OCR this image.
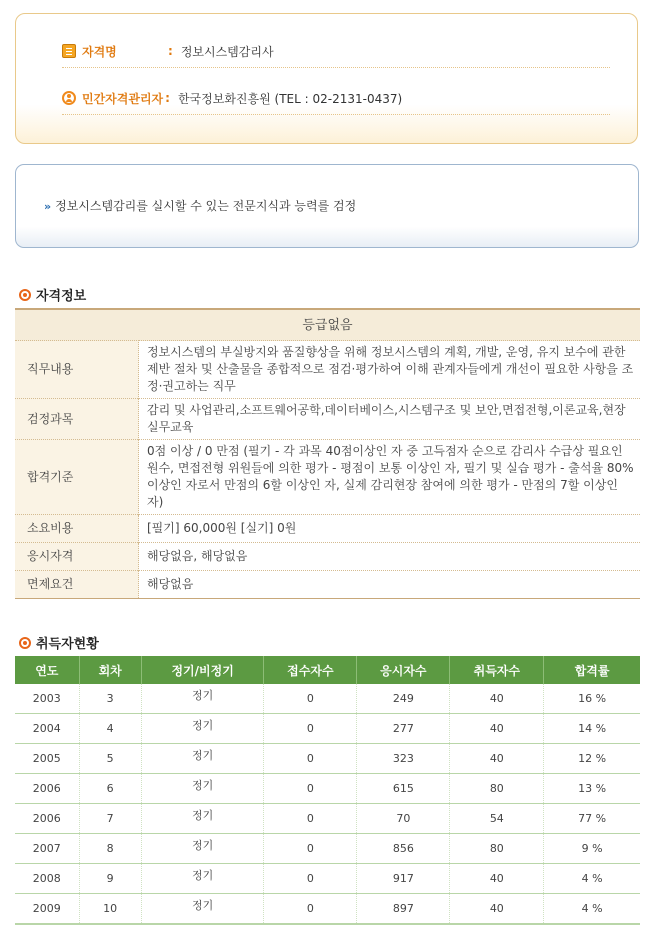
자격명	: 정보시스템감리사
민간자격관리자 : 한국정보화진흥원 (TEL : 02-2131-0437)
» 정보시스템감리를 실시할 수 있는 전문지식과 능력를 검정
자격정보
등급없음	
직무내용	정보시스템의 부실방지와 품질향상을 위해 정보시스템의 계획, 개발, 운영, 유지 보수에 관한 제반 절차 및 산출물을 종합적으로 점검·평가하여 이해 관계자들에게 개선이 필요한 사항을 조정·권고하는 직무
검정과목	감리 및 사업관리,소프트웨어공학,데이터베이스,시스템구조 및 보안,면접전형,이론교육,현장실무교육
합격기준	0점 이상 / 0 만점 (필기 - 각 과목 40점이상인 자 중 고득점자 순으로 감리사 수급상 필요인원수, 면접전형 위원들에 의한 평가 - 평점이 보통 이상인 자, 필기 및 실습 평가 - 출석율 80% 이상인 자로서 만점의 6할 이상인 자, 실제 감리현장 참여에 의한 평가 - 만점의 7할 이상인 자)
소요비용	[필기] 60,000원 [실기] 0원
응시자격	해당없음, 해당없음
면제요건	해당없음
취득자현황
연도	회차	정기/비정기	접수자수	응시자수	취득자수	합격률
2003	3	정기	0	249	40	16 %
2004	4	정기	0	277	40	14 %
2005	5	정기	0	323	40	12 %
2006	6	정기	0	615	80	13 %
2006	7	정기	0	70	54	77 %
2007	8	정기	0	856	80	9 %
2008	9	정기	0	917	40	4 %
2009	10	정기	0	897	40	4 %
